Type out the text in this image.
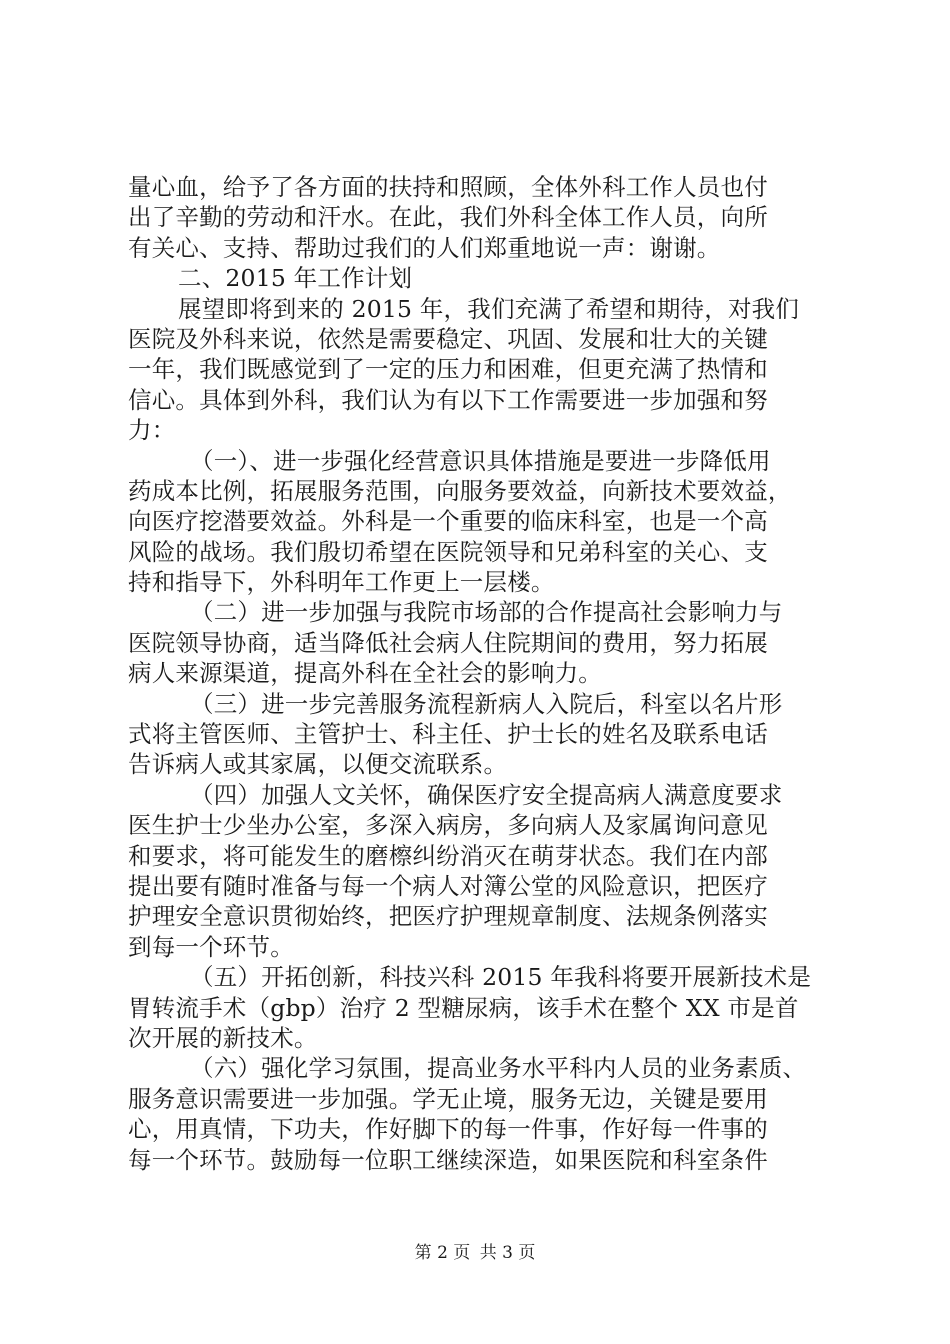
量心血，给予了各方面的扶持和照顾，全体外科工作人员也付
出了辛勤的劳动和汗水。在此，我们外科全体工作人员，向所
有关心、支持、帮助过我们的人们郑重地说一声：谢谢。
二、2015 年工作计划
展望即将到来的 2015 年，我们充满了希望和期待，对我们
医院及外科来说，依然是需要稳定、巩固、发展和壮大的关键
一年，我们既感觉到了一定的压力和困难，但更充满了热情和
信心。具体到外科，我们认为有以下工作需要进一步加强和努
力：
（一）、进一步强化经营意识具体措施是要进一步降低用
药成本比例，拓展服务范围，向服务要效益，向新技术要效益，
向医疗挖潜要效益。外科是一个重要的临床科室，也是一个高
风险的战场。我们殷切希望在医院领导和兄弟科室的关心、支
持和指导下，外科明年工作更上一层楼。
（二）进一步加强与我院市场部的合作提高社会影响力与
医院领导协商，适当降低社会病人住院期间的费用，努力拓展
病人来源渠道，提高外科在全社会的影响力。
（三）进一步完善服务流程新病人入院后，科室以名片形
式将主管医师、主管护士、科主任、护士长的姓名及联系电话
告诉病人或其家属，以便交流联系。
（四）加强人文关怀，确保医疗安全提高病人满意度要求
医生护士少坐办公室，多深入病房，多向病人及家属询问意见
和要求，将可能发生的磨檫纠纷消灭在萌芽状态。我们在内部
提出要有随时准备与每一个病人对簿公堂的风险意识，把医疗
护理安全意识贯彻始终，把医疗护理规章制度、法规条例落实
到每一个环节。
（五）开拓创新，科技兴科 2015 年我科将要开展新技术是
胃转流手术（gbp）治疗 2 型糖尿病，该手术在整个 XX 市是首
次开展的新技术。
（六）强化学习氛围，提高业务水平科内人员的业务素质、
服务意识需要进一步加强。学无止境，服务无边，关键是要用
心，用真情，下功夫，作好脚下的每一件事，作好每一件事的
每一个环节。鼓励每一位职工继续深造，如果医院和科室条件
第 2 页 共 3 页
